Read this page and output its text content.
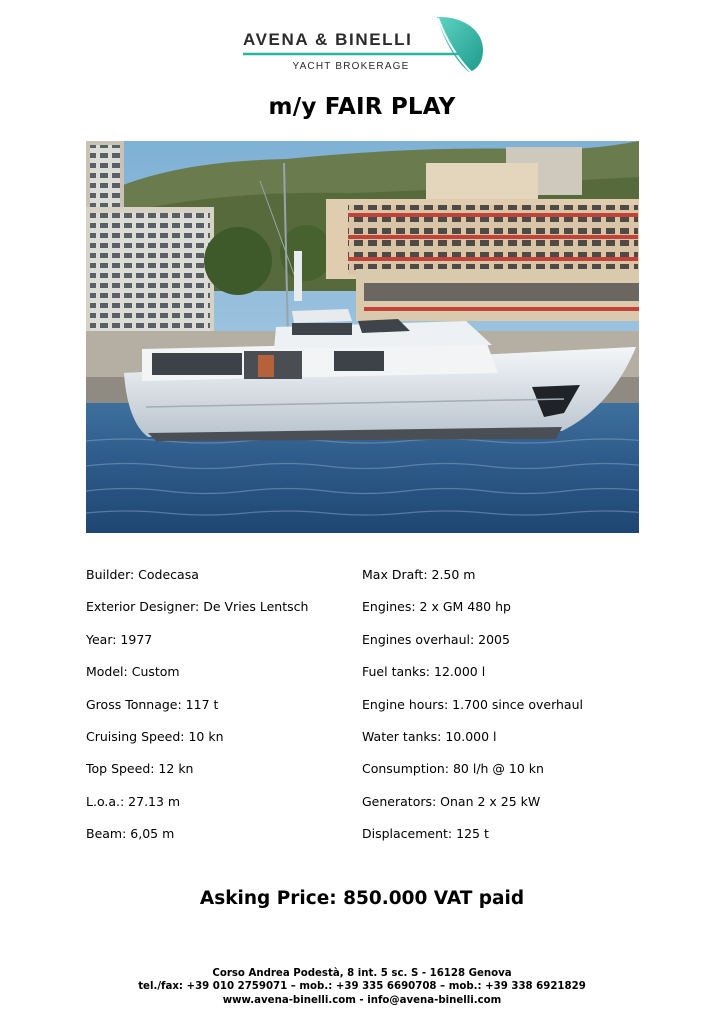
AVENA & BINELLI
YACHT BROKERAGE
m/y FAIR PLAY
Builder: Codecasa
Exterior Designer: De Vries Lentsch
Year: 1977
Model: Custom
Gross Tonnage: 117 t
Cruising Speed: 10 kn
Top Speed: 12 kn
L.o.a.: 27.13 m
Beam: 6,05 m
Max Draft: 2.50 m
Engines: 2 x GM 480 hp
Engines overhaul: 2005
Fuel tanks: 12.000 l
Engine hours: 1.700 since overhaul
Water tanks: 10.000 l
Consumption: 80 l/h @ 10 kn
Generators: Onan 2 x 25 kW
Displacement: 125 t
Asking Price: 850.000 VAT paid
Corso Andrea Podestà, 8 int. 5 sc. S - 16128 Genova
tel./fax: +39 010 2759071 – mob.: +39 335 6690708 – mob.: +39 338 6921829
www.avena-binelli.com - info@avena-binelli.com
